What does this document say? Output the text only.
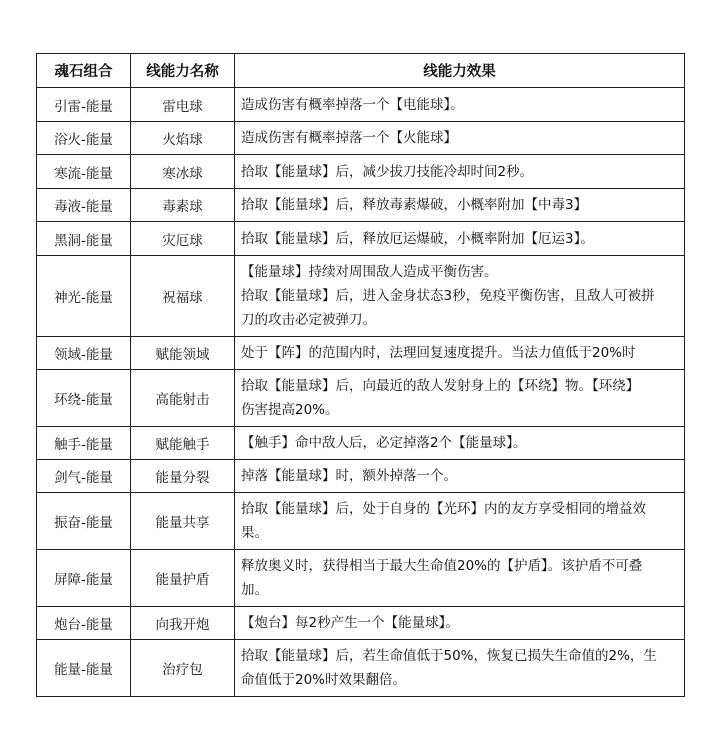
魂石组合	线能力名称	线能力效果
引雷-能量	雷电球	造成伤害有概率掉落一个【电能球】。

浴火-能量	火焰球	造成伤害有概率掉落一个【火能球】

寒流-能量	寒冰球	拾取【能量球】后，减少拔刀技能冷却时间2秒。

毒液-能量	毒素球	拾取【能量球】后，释放毒素爆破，小概率附加【中毒3】

黑洞-能量	灾厄球	拾取【能量球】后，释放厄运爆破，小概率附加【厄运3】。

神光-能量	祝福球	【能量球】持续对周围敌人造成平衡伤害。
拾取【能量球】后，进入金身状态3秒，免疫平衡伤害，且敌人可被拼
刀的攻击必定被弹刀。

领域-能量	赋能领域	处于【阵】的范围内时，法理回复速度提升。当法力值低于20%时

环绕-能量	高能射击	拾取【能量球】后，向最近的敌人发射身上的【环绕】物。【环绕】
伤害提高20%。

触手-能量	赋能触手	【触手】命中敌人后，必定掉落2个【能量球】。

剑气-能量	能量分裂	掉落【能量球】时，额外掉落一个。

振奋-能量	能量共享	拾取【能量球】后，处于自身的【光环】内的友方享受相同的增益效
果。

屏障-能量	能量护盾	释放奥义时，获得相当于最大生命值20%的【护盾】。该护盾不可叠
加。

炮台-能量	向我开炮	【炮台】每2秒产生一个【能量球】。

能量-能量	治疗包	拾取【能量球】后，若生命值低于50%，恢复已损失生命值的2%，生
命值低于20%时效果翻倍。
